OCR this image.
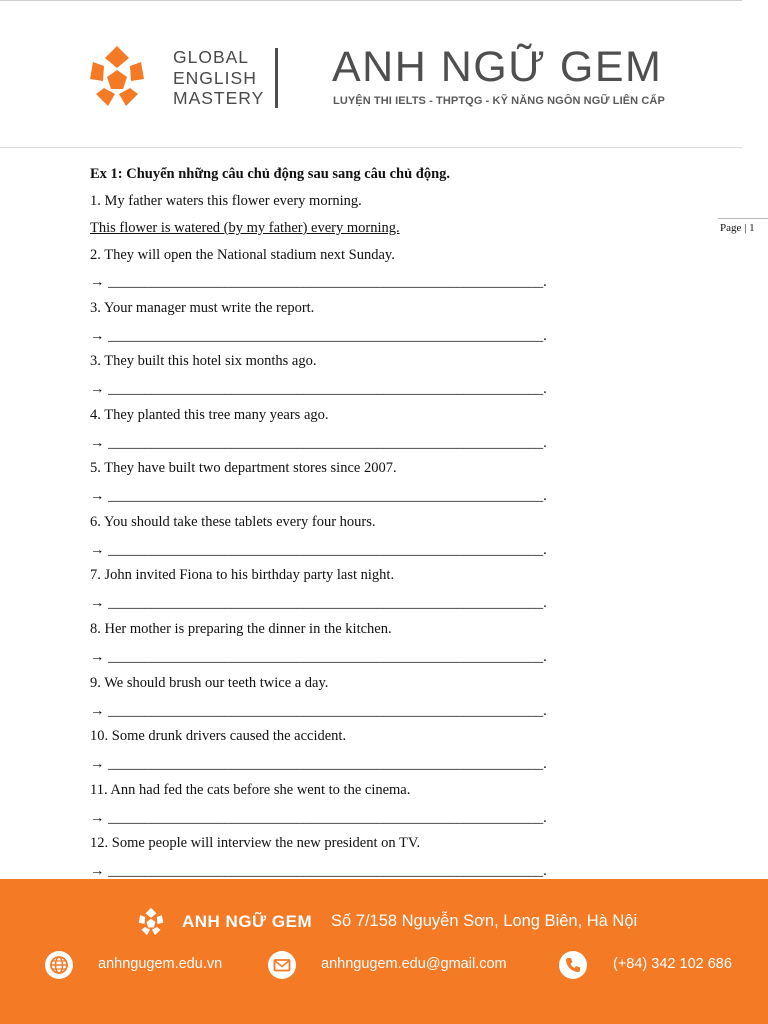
GLOBAL
ENGLISH
MASTERY
ANH NGỮ GEM
LUYỆN THI IELTS - THPTQG - KỸ NĂNG NGÔN NGỮ LIÊN CẤP
Page | 1
Ex 1: Chuyển những câu chủ động sau sang câu chủ động.
1. My father waters this flower every morning.
This flower is watered (by my father) every morning.
2. They will open the National stadium next Sunday.
→ ____________________________________________________________.
3. Your manager must write the report.
→ ____________________________________________________________.
3. They built this hotel six months ago.
→ ____________________________________________________________.
4. They planted this tree many years ago.
→ ____________________________________________________________.
5. They have built two department stores since 2007.
→ ____________________________________________________________.
6. You should take these tablets every four hours.
→ ____________________________________________________________.
7. John invited Fiona to his birthday party last night.
→ ____________________________________________________________.
8. Her mother is preparing the dinner in the kitchen.
→ ____________________________________________________________.
9. We should brush our teeth twice a day.
→ ____________________________________________________________.
10. Some drunk drivers caused the accident.
→ ____________________________________________________________.
11. Ann had fed the cats before she went to the cinema.
→ ____________________________________________________________.
12. Some people will interview the new president on TV.
→ ____________________________________________________________.
ANH NGỮ GEM Số 7/158 Nguyễn Sơn, Long Biên, Hà Nội
anhngugem.edu.vn	anhngugem.edu@gmail.com	(+84) 342 102 686
